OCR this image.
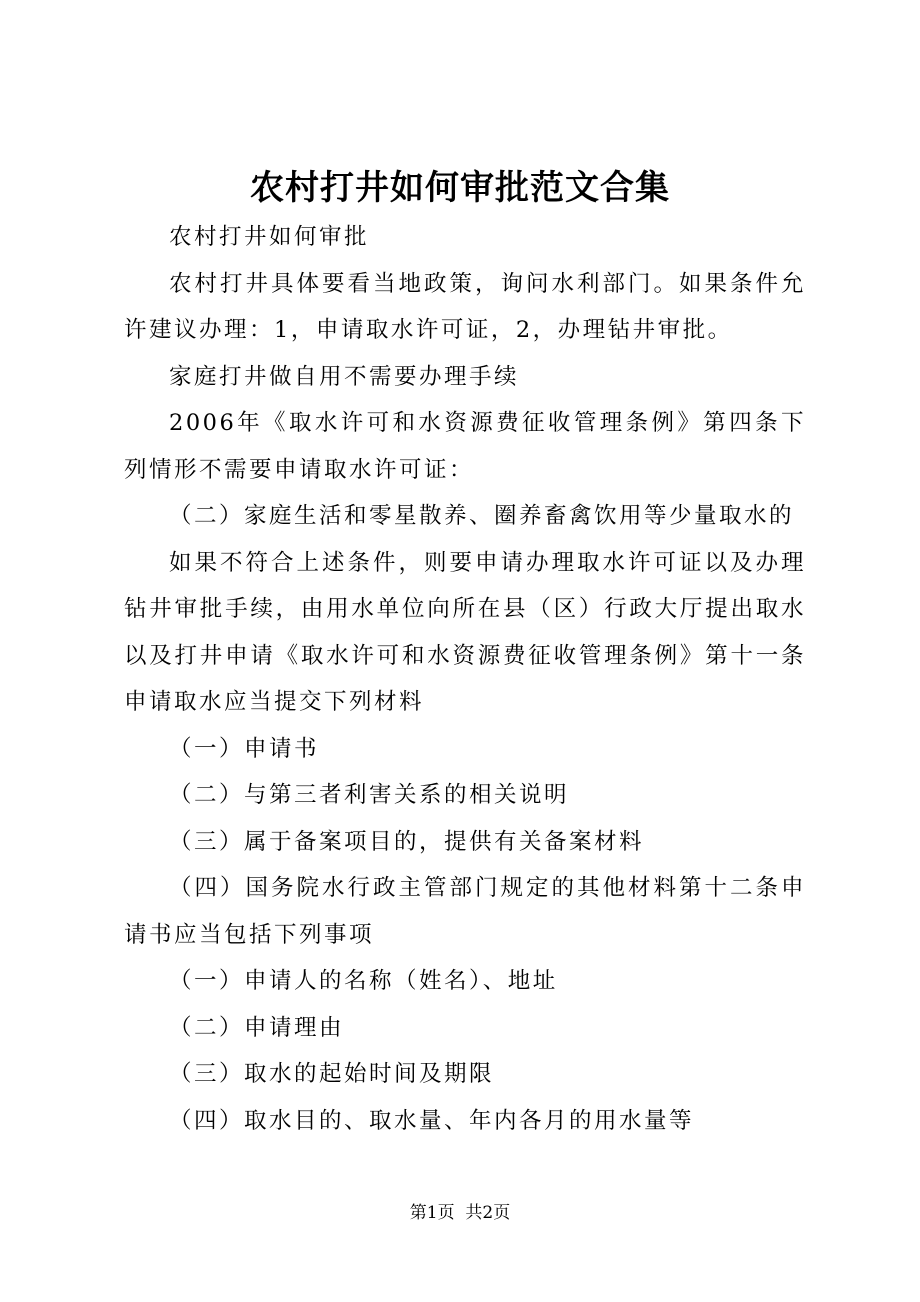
农村打井如何审批范文合集

农村打井如何审批

农村打井具体要看当地政策，询问水利部门。如果条件允许建议办理：1，申请取水许可证，2，办理钻井审批。

家庭打井做自用不需要办理手续

2006年《取水许可和水资源费征收管理条例》第四条下列情形不需要申请取水许可证：

（二）家庭生活和零星散养、圈养畜禽饮用等少量取水的

如果不符合上述条件，则要申请办理取水许可证以及办理钻井审批手续，由用水单位向所在县（区）行政大厅提出取水以及打井申请《取水许可和水资源费征收管理条例》第十一条申请取水应当提交下列材料

（一）申请书

（二）与第三者利害关系的相关说明

（三）属于备案项目的，提供有关备案材料

（四）国务院水行政主管部门规定的其他材料第十二条申请书应当包括下列事项

（一）申请人的名称（姓名）、地址

（二）申请理由

（三）取水的起始时间及期限

（四）取水目的、取水量、年内各月的用水量等

第1页 共2页
